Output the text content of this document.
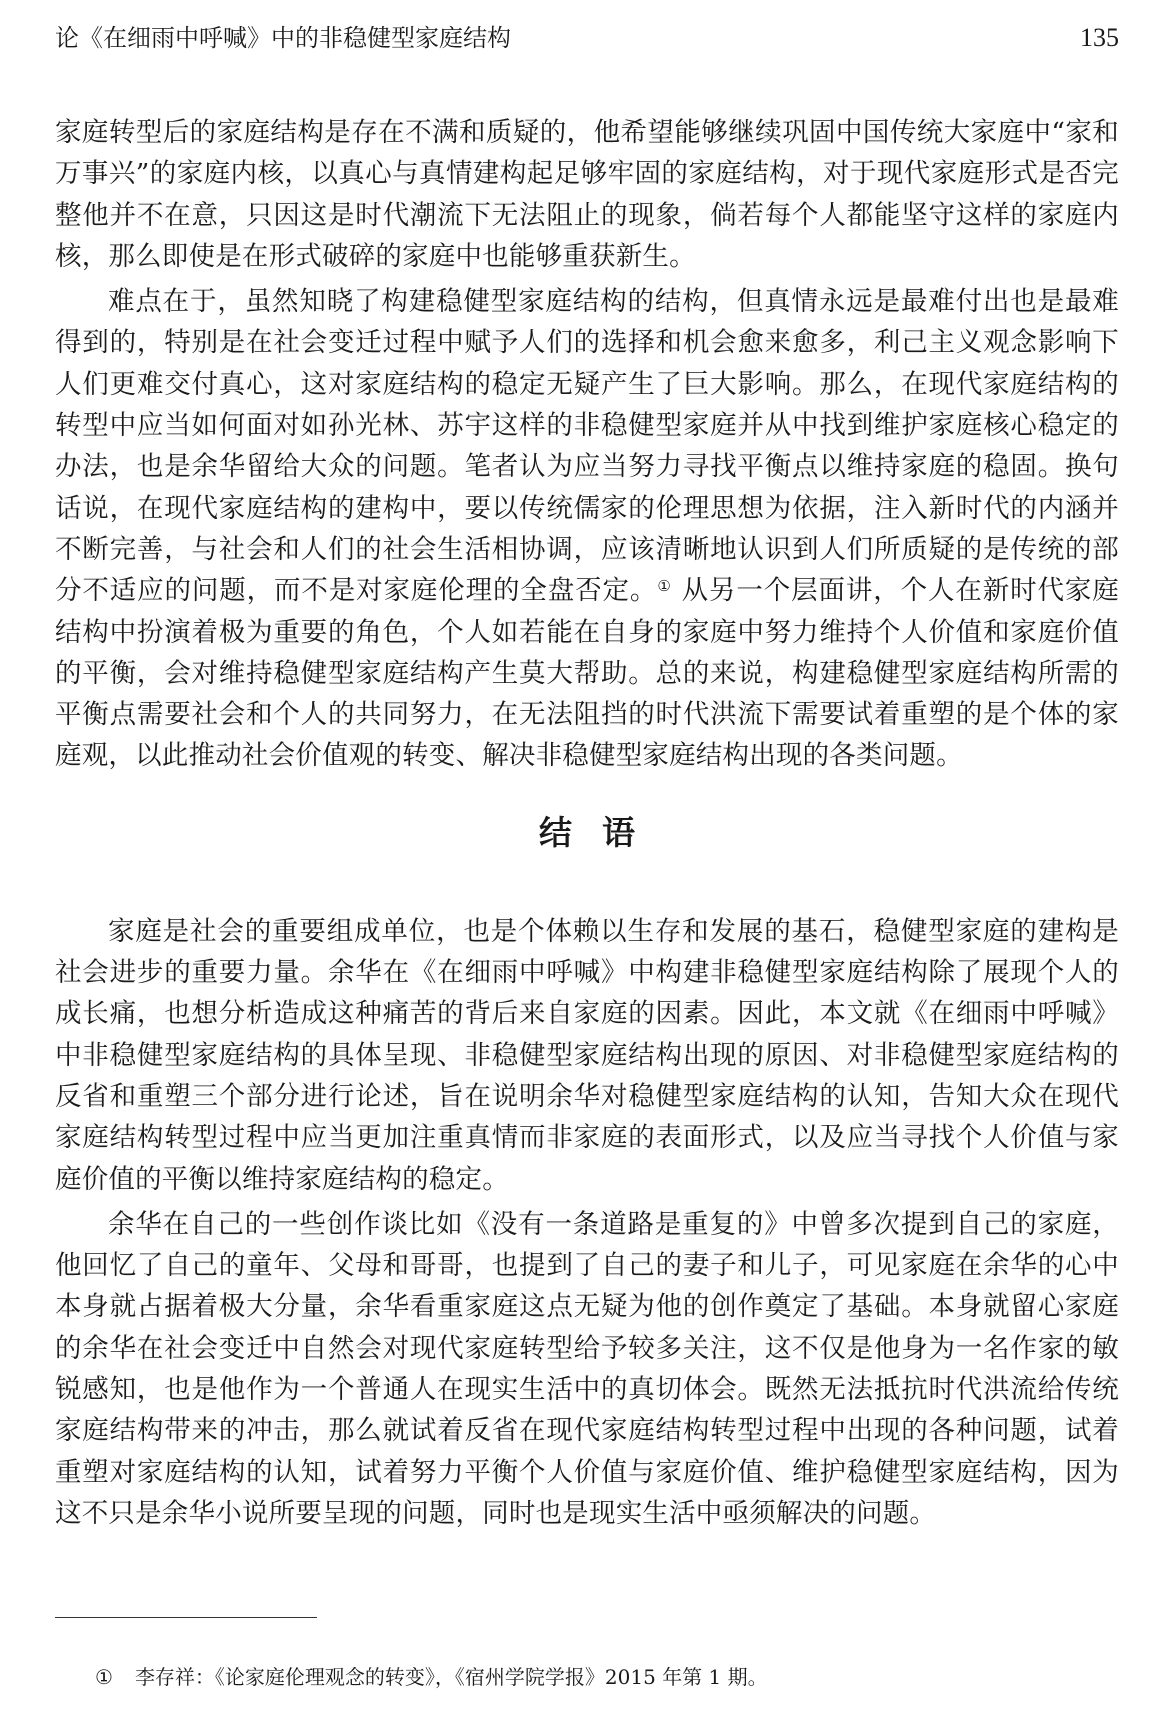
论《在细雨中呼喊》中的非稳健型家庭结构	135

家庭转型后的家庭结构是存在不满和质疑的，他希望能够继续巩固中国传统大家庭中“家和万事兴”的家庭内核，以真心与真情建构起足够牢固的家庭结构，对于现代家庭形式是否完整他并不在意，只因这是时代潮流下无法阻止的现象，倘若每个人都能坚守这样的家庭内核，那么即使是在形式破碎的家庭中也能够重获新生。

难点在于，虽然知晓了构建稳健型家庭结构的结构，但真情永远是最难付出也是最难得到的，特别是在社会变迁过程中赋予人们的选择和机会愈来愈多，利己主义观念影响下人们更难交付真心，这对家庭结构的稳定无疑产生了巨大影响。那么，在现代家庭结构的转型中应当如何面对如孙光林、苏宇这样的非稳健型家庭并从中找到维护家庭核心稳定的办法，也是余华留给大众的问题。笔者认为应当努力寻找平衡点以维持家庭的稳固。换句话说，在现代家庭结构的建构中，要以传统儒家的伦理思想为依据，注入新时代的内涵并不断完善，与社会和人们的社会生活相协调，应该清晰地认识到人们所质疑的是传统的部分不适应的问题，而不是对家庭伦理的全盘否定。① 从另一个层面讲，个人在新时代家庭结构中扮演着极为重要的角色，个人如若能在自身的家庭中努力维持个人价值和家庭价值的平衡，会对维持稳健型家庭结构产生莫大帮助。总的来说，构建稳健型家庭结构所需的平衡点需要社会和个人的共同努力，在无法阻挡的时代洪流下需要试着重塑的是个体的家庭观，以此推动社会价值观的转变、解决非稳健型家庭结构出现的各类问题。

结语

家庭是社会的重要组成单位，也是个体赖以生存和发展的基石，稳健型家庭的建构是社会进步的重要力量。余华在《在细雨中呼喊》中构建非稳健型家庭结构除了展现个人的成长痛，也想分析造成这种痛苦的背后来自家庭的因素。因此，本文就《在细雨中呼喊》中非稳健型家庭结构的具体呈现、非稳健型家庭结构出现的原因、对非稳健型家庭结构的反省和重塑三个部分进行论述，旨在说明余华对稳健型家庭结构的认知，告知大众在现代家庭结构转型过程中应当更加注重真情而非家庭的表面形式，以及应当寻找个人价值与家庭价值的平衡以维持家庭结构的稳定。

余华在自己的一些创作谈比如《没有一条道路是重复的》中曾多次提到自己的家庭，他回忆了自己的童年、父母和哥哥，也提到了自己的妻子和儿子，可见家庭在余华的心中本身就占据着极大分量，余华看重家庭这点无疑为他的创作奠定了基础。本身就留心家庭的余华在社会变迁中自然会对现代家庭转型给予较多关注，这不仅是他身为一名作家的敏锐感知，也是他作为一个普通人在现实生活中的真切体会。既然无法抵抗时代洪流给传统家庭结构带来的冲击，那么就试着反省在现代家庭结构转型过程中出现的各种问题，试着重塑对家庭结构的认知，试着努力平衡个人价值与家庭价值、维护稳健型家庭结构，因为这不只是余华小说所要呈现的问题，同时也是现实生活中亟须解决的问题。

① 李存祥：《论家庭伦理观念的转变》，《宿州学院学报》2015 年第 1 期。
